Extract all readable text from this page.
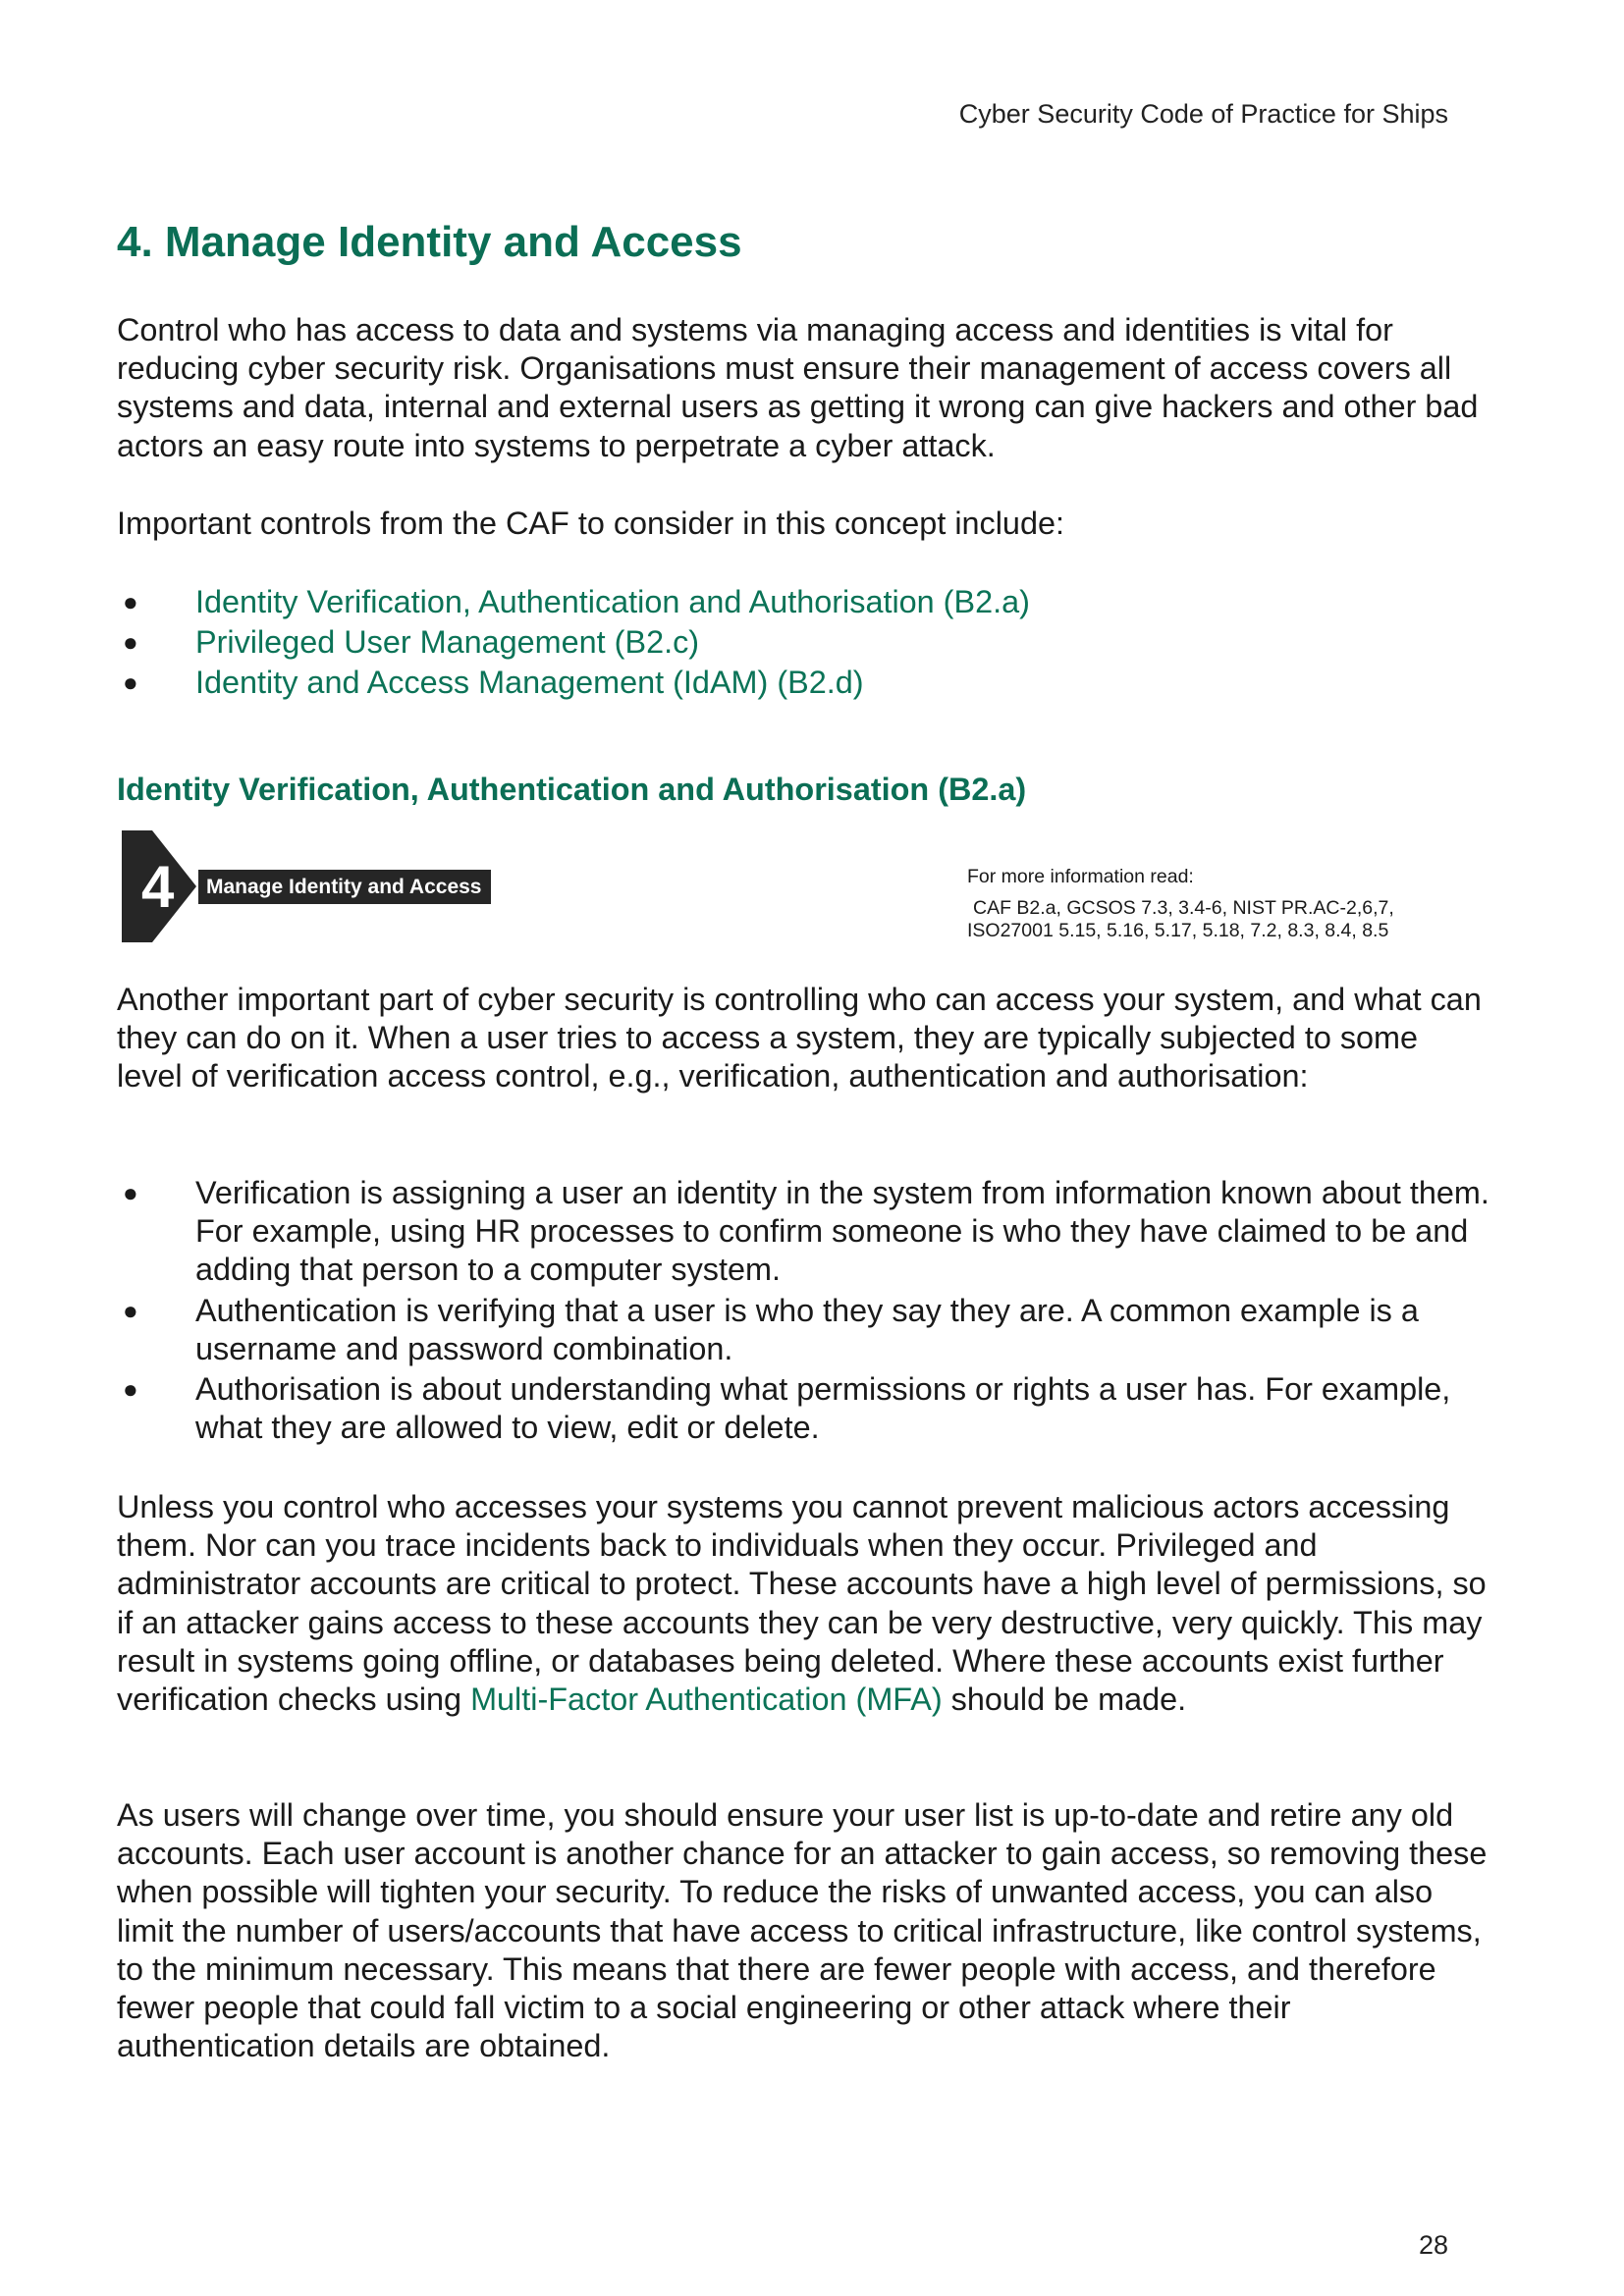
Cyber Security Code of Practice for Ships
4. Manage Identity and Access

Control who has access to data and systems via managing access and identities is vital for reducing cyber security risk. Organisations must ensure their management of access covers all systems and data, internal and external users as getting it wrong can give hackers and other bad actors an easy route into systems to perpetrate a cyber attack.

Important controls from the CAF to consider in this concept include:

● Identity Verification, Authentication and Authorisation (B2.a)
● Privileged User Management (B2.c)
● Identity and Access Management (IdAM) (B2.d)
Identity Verification, Authentication and Authorisation (B2.a)
4	Manage Identity and Access	For more information read:
CAF B2.a, GCSOS 7.3, 3.4-6, NIST PR.AC-2,6,7,
ISO27001 5.15, 5.16, 5.17, 5.18, 7.2, 8.3, 8.4, 8.5

Another important part of cyber security is controlling who can access your system, and what can they can do on it. When a user tries to access a system, they are typically subjected to some level of verification access control, e.g., verification, authentication and authorisation:

● Verification is assigning a user an identity in the system from information known about them. For example, using HR processes to confirm someone is who they have claimed to be and adding that person to a computer system.
● Authentication is verifying that a user is who they say they are. A common example is a username and password combination.
● Authorisation is about understanding what permissions or rights a user has. For example, what they are allowed to view, edit or delete.

Unless you control who accesses your systems you cannot prevent malicious actors accessing them. Nor can you trace incidents back to individuals when they occur. Privileged and administrator accounts are critical to protect. These accounts have a high level of permissions, so if an attacker gains access to these accounts they can be very destructive, very quickly. This may result in systems going offline, or databases being deleted. Where these accounts exist further verification checks using Multi-Factor Authentication (MFA) should be made.

As users will change over time, you should ensure your user list is up-to-date and retire any old accounts. Each user account is another chance for an attacker to gain access, so removing these when possible will tighten your security. To reduce the risks of unwanted access, you can also limit the number of users/accounts that have access to critical infrastructure, like control systems, to the minimum necessary. This means that there are fewer people with access, and therefore fewer people that could fall victim to a social engineering or other attack where their authentication details are obtained.

28
